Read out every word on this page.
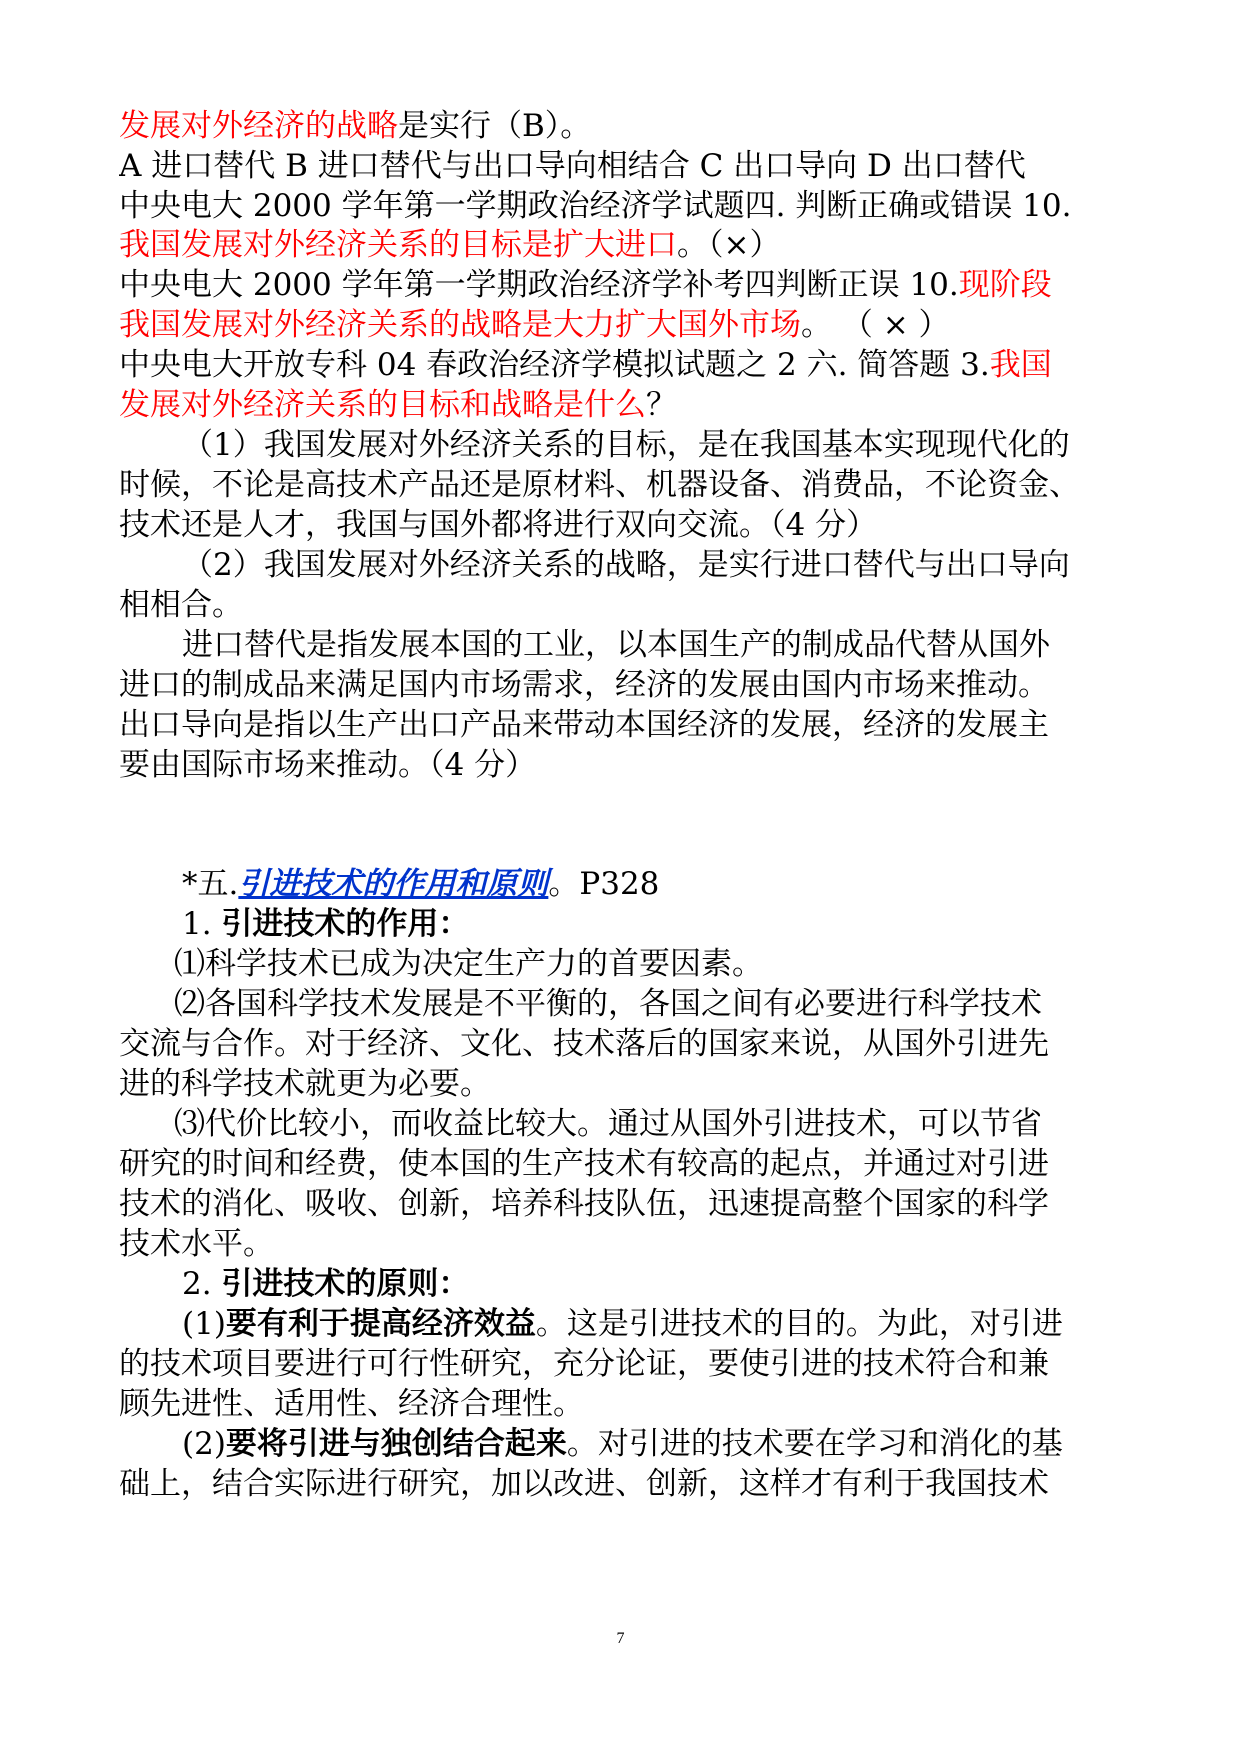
发展对外经济的战略是实行（B）。
A 进口替代 B 进口替代与出口导向相结合 C 出口导向 D 出口替代
中央电大 2000 学年第一学期政治经济学试题四. 判断正确或错误 10.
我国发展对外经济关系的目标是扩大进口。（×）
中央电大 2000 学年第一学期政治经济学补考四判断正误 10.现阶段
我国发展对外经济关系的战略是大力扩大国外市场。 （ × ）
中央电大开放专科 04 春政治经济学模拟试题之 2 六. 简答题 3.我国
发展对外经济关系的目标和战略是什么？
（1）我国发展对外经济关系的目标，是在我国基本实现现代化的
时候，不论是高技术产品还是原材料、机器设备、消费品，不论资金、
技术还是人才，我国与国外都将进行双向交流。（4 分）
（2）我国发展对外经济关系的战略，是实行进口替代与出口导向
相相合。
进口替代是指发展本国的工业，以本国生产的制成品代替从国外
进口的制成品来满足国内市场需求，经济的发展由国内市场来推动。
出口导向是指以生产出口产品来带动本国经济的发展，经济的发展主
要由国际市场来推动。（4 分）
*五.引进技术的作用和原则。P328
1. 引进技术的作用：
⑴科学技术已成为决定生产力的首要因素。
⑵各国科学技术发展是不平衡的，各国之间有必要进行科学技术
交流与合作。对于经济、文化、技术落后的国家来说，从国外引进先
进的科学技术就更为必要。
⑶代价比较小，而收益比较大。通过从国外引进技术，可以节省
研究的时间和经费，使本国的生产技术有较高的起点，并通过对引进
技术的消化、吸收、创新，培养科技队伍，迅速提高整个国家的科学
技术水平。
2. 引进技术的原则：
(1)要有利于提高经济效益。这是引进技术的目的。为此，对引进
的技术项目要进行可行性研究，充分论证，要使引进的技术符合和兼
顾先进性、适用性、经济合理性。
(2)要将引进与独创结合起来。对引进的技术要在学习和消化的基
础上，结合实际进行研究，加以改进、创新，这样才有利于我国技术
7
